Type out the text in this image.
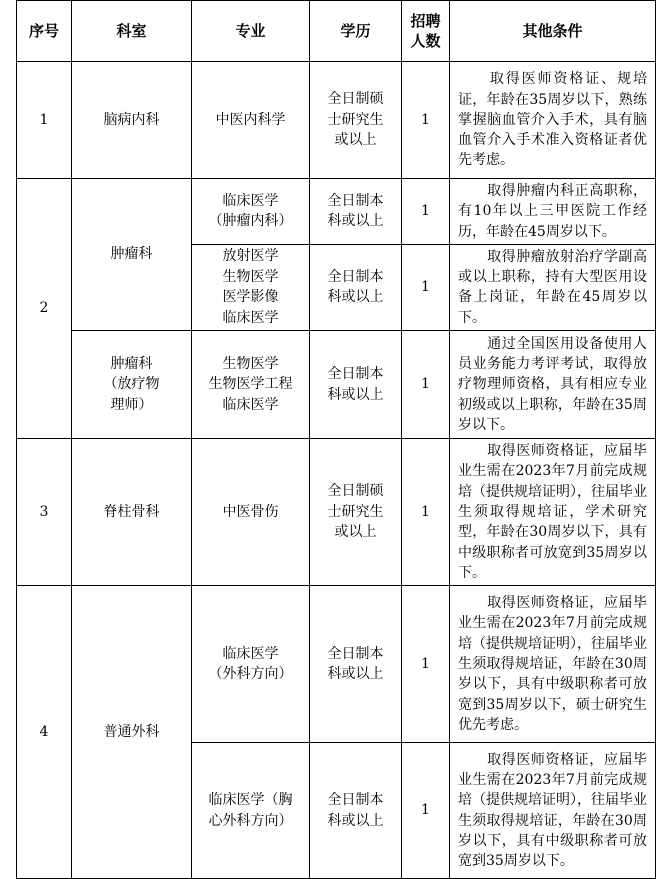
序号	科室	专业	学历	招聘
人数	其他条件
1	脑病内科	中医内科学	全日制硕
士研究生
或以上	1	　　取得医师资格证、规培证，年龄在35周岁以下，熟练掌握脑血管介入手术，具有脑血管介入手术准入资格证者优先考虑。
2	肿瘤科	临床医学
（肿瘤内科）	全日制本
科或以上	1	　　取得肿瘤内科正高职称，有10年以上三甲医院工作经历，年龄在45周岁以下。
		放射医学
生物医学
医学影像
临床医学	全日制本
科或以上	1	　　取得肿瘤放射治疗学副高或以上职称，持有大型医用设备上岗证，年龄在45周岁以下。
	肿瘤科
（放疗物
理师）	生物医学
生物医学工程
临床医学	全日制本
科或以上	1	　　通过全国医用设备使用人员业务能力考评考试，取得放疗物理师资格，具有相应专业初级或以上职称，年龄在35周岁以下。
3	脊柱骨科	中医骨伤	全日制硕
士研究生
或以上	1	　　取得医师资格证，应届毕业生需在2023年7月前完成规培（提供规培证明），往届毕业生须取得规培证，学术研究型，年龄在30周岁以下，具有中级职称者可放宽到35周岁以下。
4	普通外科	临床医学
（外科方向）	全日制本
科或以上	1	　　取得医师资格证，应届毕业生需在2023年7月前完成规培（提供规培证明），往届毕业生须取得规培证，年龄在30周岁以下，具有中级职称者可放宽到35周岁以下，硕士研究生优先考虑。
		临床医学（胸
心外科方向）	全日制本
科或以上	1	　　取得医师资格证，应届毕业生需在2023年7月前完成规培（提供规培证明），往届毕业生须取得规培证，年龄在30周岁以下，具有中级职称者可放宽到35周岁以下。
